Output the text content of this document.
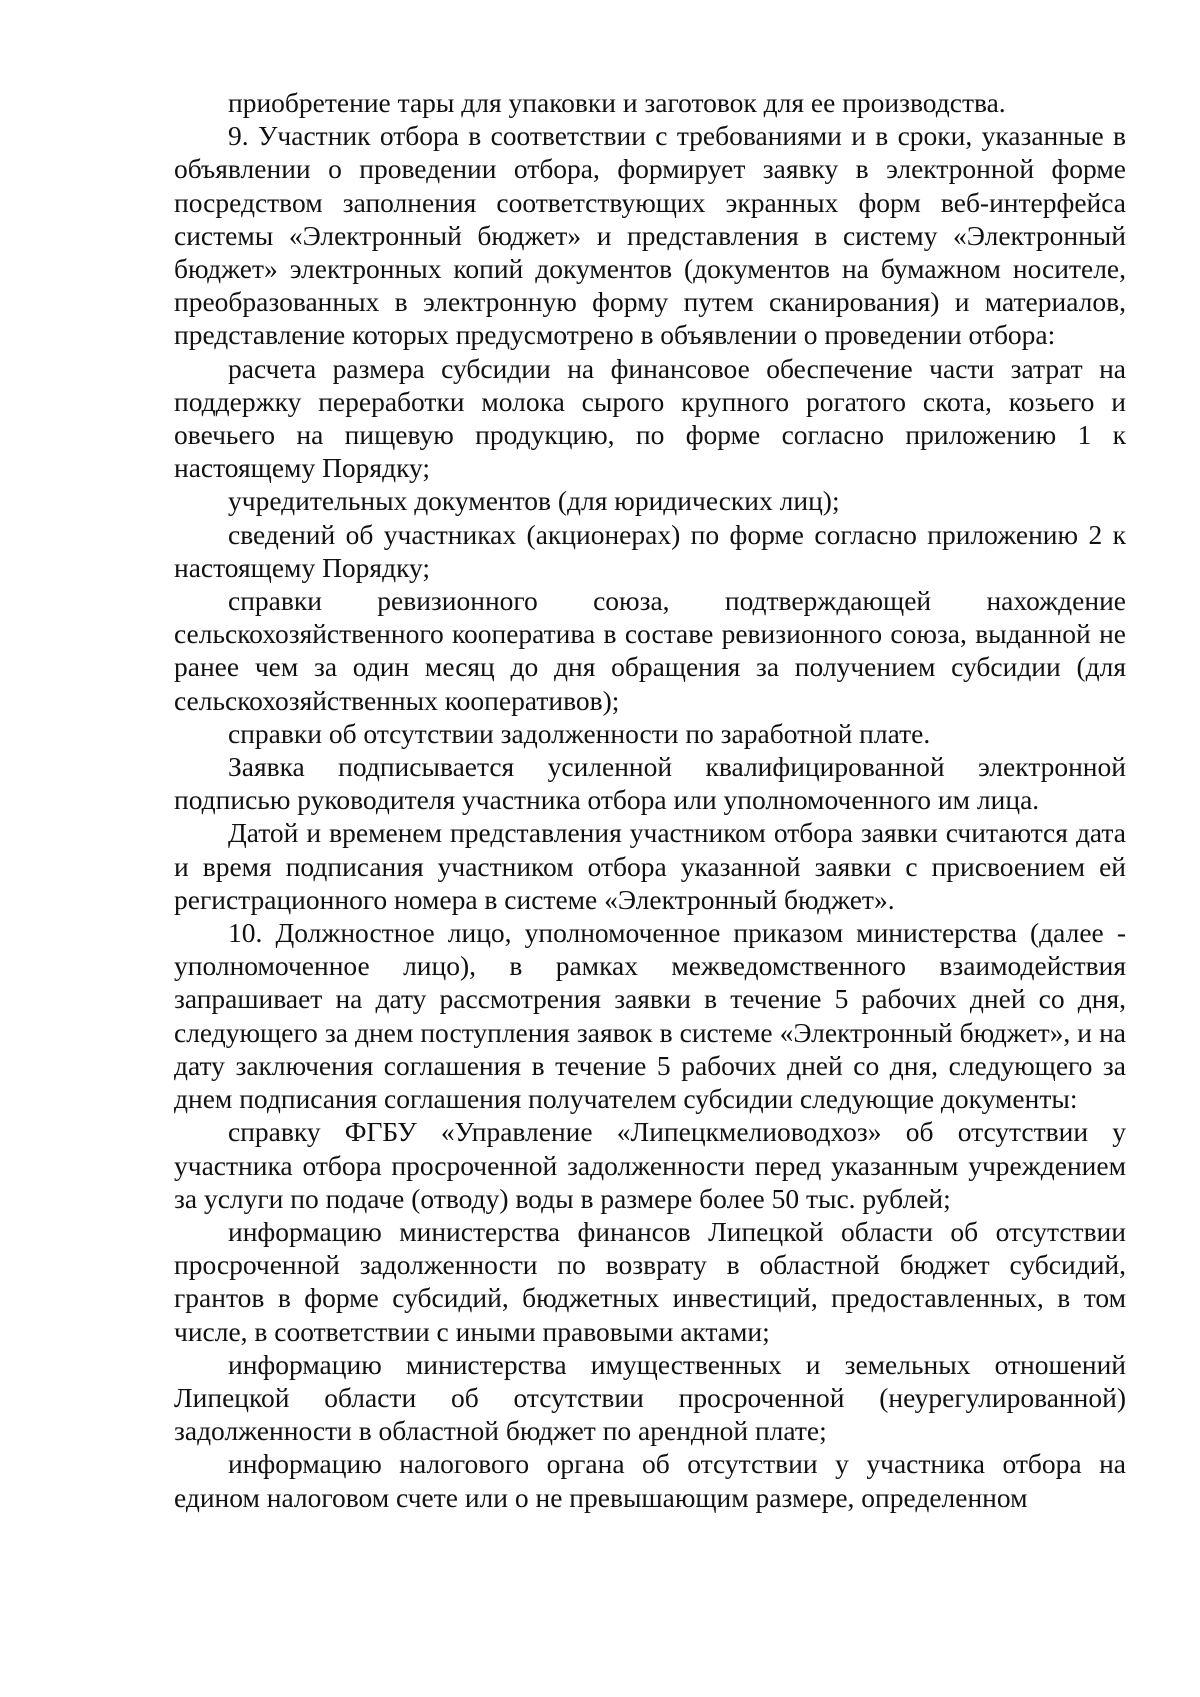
приобретение тары для упаковки и заготовок для ее производства.

9. Участник отбора в соответствии с требованиями и в сроки, указанные в объявлении о проведении отбора, формирует заявку в электронной форме посредством заполнения соответствующих экранных форм веб-интерфейса системы «Электронный бюджет» и представления в систему «Электронный бюджет» электронных копий документов (документов на бумажном носителе, преобразованных в электронную форму путем сканирования) и материалов, представление которых предусмотрено в объявлении о проведении отбора:

расчета размера субсидии на финансовое обеспечение части затрат на поддержку переработки молока сырого крупного рогатого скота, козьего и овечьего на пищевую продукцию, по форме согласно приложению 1 к настоящему Порядку;

учредительных документов (для юридических лиц);

сведений об участниках (акционерах) по форме согласно приложению 2 к настоящему Порядку;

справки ревизионного союза, подтверждающей нахождение сельскохозяйственного кооператива в составе ревизионного союза, выданной не ранее чем за один месяц до дня обращения за получением субсидии (для сельскохозяйственных кооперативов);

справки об отсутствии задолженности по заработной плате.

Заявка подписывается усиленной квалифицированной электронной подписью руководителя участника отбора или уполномоченного им лица.

Датой и временем представления участником отбора заявки считаются дата и время подписания участником отбора указанной заявки с присвоением ей регистрационного номера в системе «Электронный бюджет».

10. Должностное лицо, уполномоченное приказом министерства (далее - уполномоченное лицо), в рамках межведомственного взаимодействия запрашивает на дату рассмотрения заявки в течение 5 рабочих дней со дня, следующего за днем поступления заявок в системе «Электронный бюджет», и на дату заключения соглашения в течение 5 рабочих дней со дня, следующего за днем подписания соглашения получателем субсидии следующие документы:

справку ФГБУ «Управление «Липецкмелиоводхоз» об отсутствии у участника отбора просроченной задолженности перед указанным учреждением за услуги по подаче (отводу) воды в размере более 50 тыс. рублей;

информацию министерства финансов Липецкой области об отсутствии просроченной задолженности по возврату в областной бюджет субсидий, грантов в форме субсидий, бюджетных инвестиций, предоставленных, в том числе, в соответствии с иными правовыми актами;

информацию министерства имущественных и земельных отношений Липецкой области об отсутствии просроченной (неурегулированной) задолженности в областной бюджет по арендной плате;

информацию налогового органа об отсутствии у участника отбора на едином налоговом счете или о не превышающим размере, определенном
